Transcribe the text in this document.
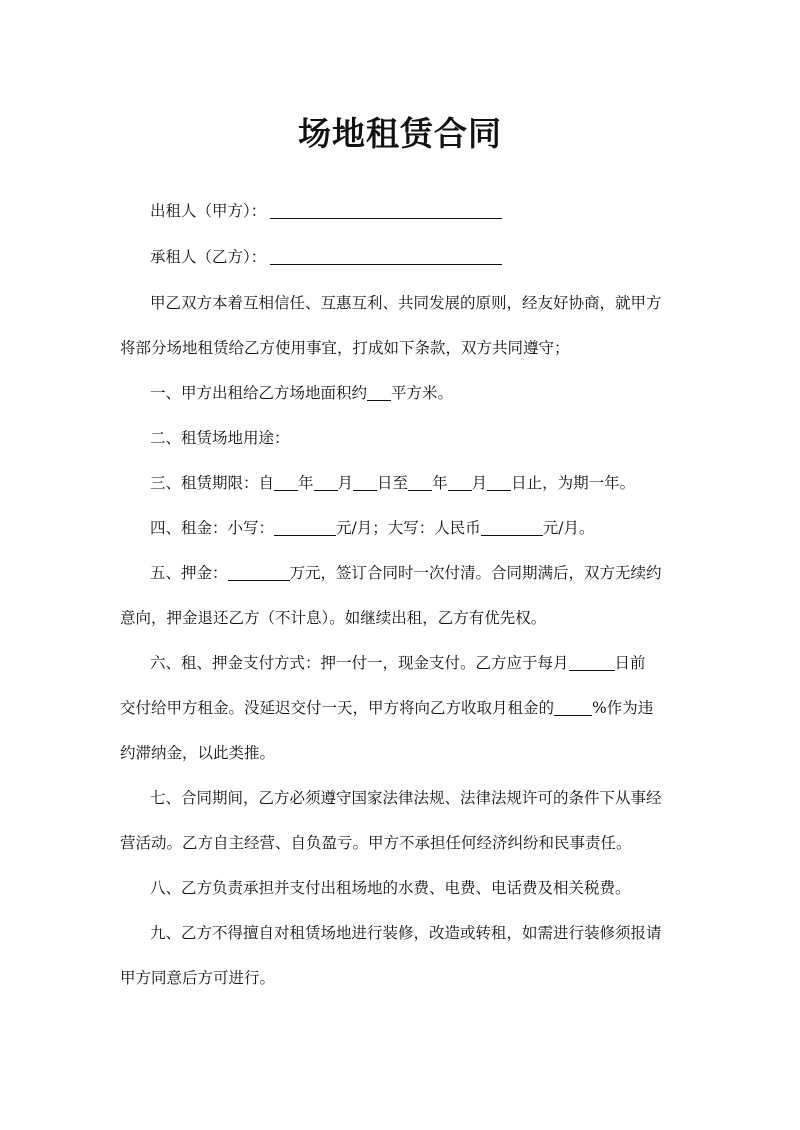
场地租赁合同
出租人（甲方）：
承租人（乙方）：
甲乙双方本着互相信任、互惠互利、共同发展的原则，经友好协商，就甲方
将部分场地租赁给乙方使用事宜，打成如下条款，双方共同遵守；
一、甲方出租给乙方场地面积约 平方米。
二、租赁场地用途：
三、租赁期限：自 年 月 日至 年 月 日止，为期一年。
四、租金：小写：	元/月；大写：人民币	元/月。
五、押金：	万元，签订合同时一次付清。合同期满后，双方无续约
意向，押金退还乙方（不计息）。如继续出租，乙方有优先权。
六、租、押金支付方式：押一付一，现金支付。乙方应于每月	日前
交付给甲方租金。没延迟交付一天，甲方将向乙方收取月租金的 %作为违
约滞纳金，以此类推。
七、合同期间，乙方必须遵守国家法律法规、法律法规许可的条件下从事经
营活动。乙方自主经营、自负盈亏。甲方不承担任何经济纠纷和民事责任。
八、乙方负责承担并支付出租场地的水费、电费、电话费及相关税费。
九、乙方不得擅自对租赁场地进行装修，改造或转租，如需进行装修须报请
甲方同意后方可进行。
